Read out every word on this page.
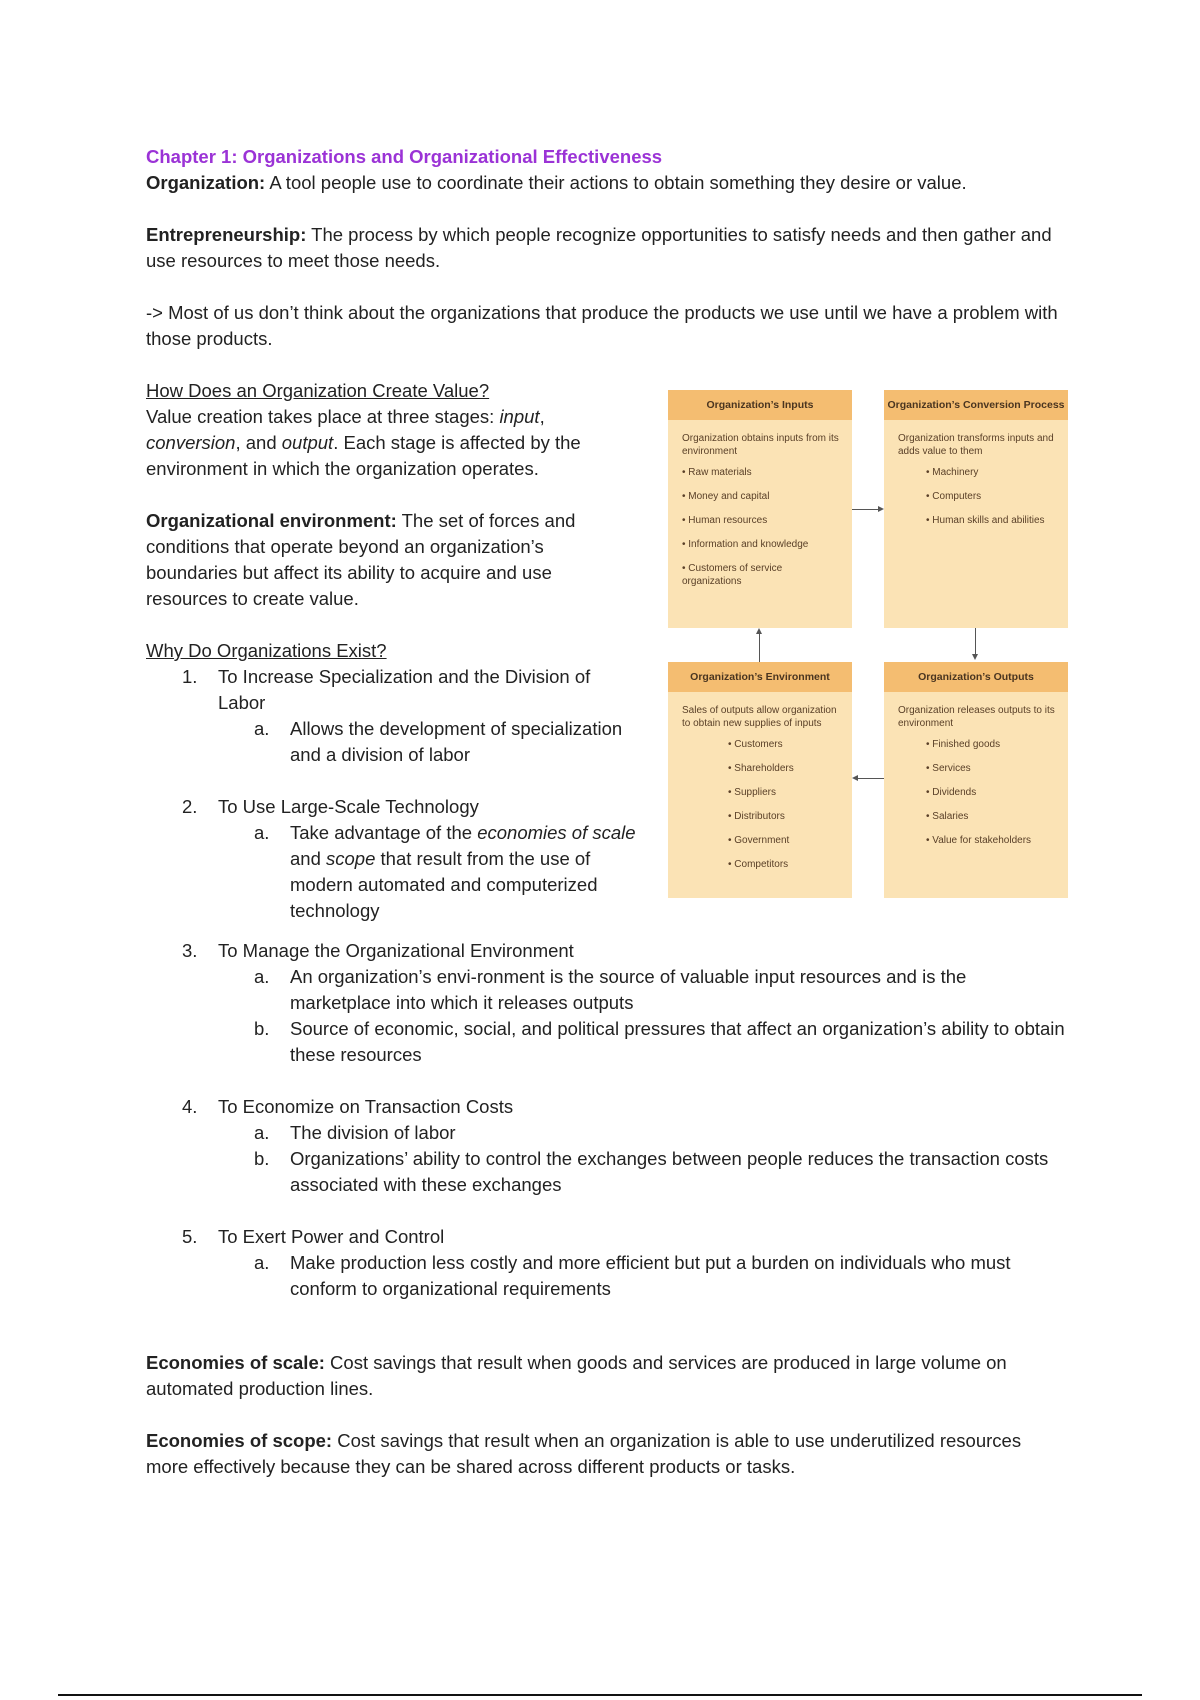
Chapter 1: Organizations and Organizational Effectiveness

Organization: A tool people use to coordinate their actions to obtain something they desire or value.

Entrepreneurship: The process by which people recognize opportunities to satisfy needs and then gather and use resources to meet those needs.

-> Most of us don’t think about the organizations that produce the products we use until we have a problem with those products.

How Does an Organization Create Value?

Value creation takes place at three stages: input, conversion, and output. Each stage is affected by the environment in which the organization operates.

Organizational environment: The set of forces and conditions that operate beyond an organization’s boundaries but affect its ability to acquire and use resources to create value.

Why Do Organizations Exist?

1. To Increase Specialization and the Division of Labor
a. Allows the development of specialization and a division of labor
2. To Use Large-Scale Technology
a. Take advantage of the economies of scale and scope that result from the use of modern automated and computerized technology
Organization’s Inputs
Organization obtains inputs from its environment
• Raw materials
• Money and capital
• Human resources
• Information and knowledge
• Customers of service organizations
Organization’s Conversion Process
Organization transforms inputs and adds value to them
• Machinery
• Computers
• Human skills and abilities
Organization’s Environment
Sales of outputs allow organization to obtain new supplies of inputs
• Customers
• Shareholders
• Suppliers
• Distributors
• Government
• Competitors
Organization’s Outputs
Organization releases outputs to its environment
• Finished goods
• Services
• Dividends
• Salaries
• Value for stakeholders
3. To Manage the Organizational Environment
a. An organization’s envi-ronment is the source of valuable input resources and is the marketplace into which it releases outputs
b. Source of economic, social, and political pressures that affect an organization’s ability to obtain these resources
4. To Economize on Transaction Costs
a. The division of labor
b. Organizations’ ability to control the exchanges between people reduces the transaction costs associated with these exchanges
5. To Exert Power and Control
a. Make production less costly and more efficient but put a burden on individuals who must conform to organizational requirements

Economies of scale: Cost savings that result when goods and services are produced in large volume on automated production lines.

Economies of scope: Cost savings that result when an organization is able to use underutilized resources more effectively because they can be shared across different products or tasks.
